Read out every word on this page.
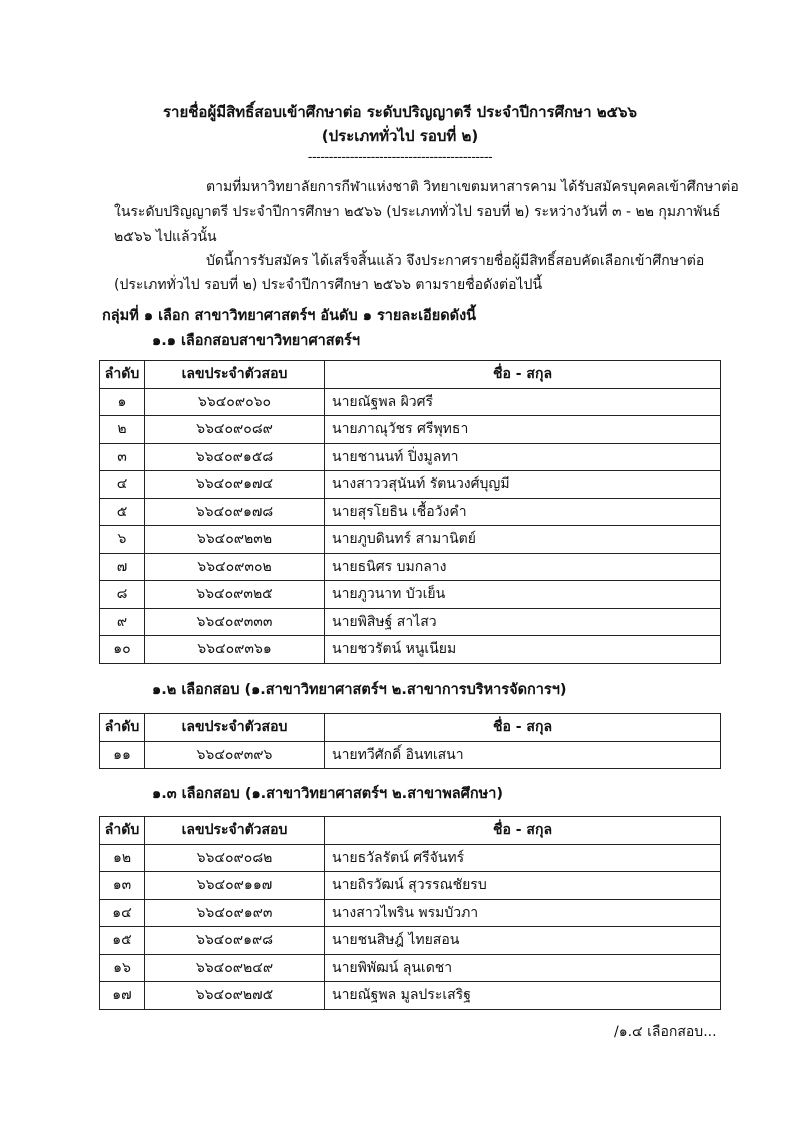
รายชื่อผู้มีสิทธิ์สอบเข้าศึกษาต่อ ระดับปริญญาตรี ประจำปีการศึกษา ๒๕๖๖
(ประเภททั่วไป รอบที่ ๒)
--------------------------------------------
ตามที่มหาวิทยาลัยการกีฬาแห่งชาติ วิทยาเขตมหาสารคาม ได้รับสมัครบุคคลเข้าศึกษาต่อ
ในระดับปริญญาตรี ประจำปีการศึกษา ๒๕๖๖ (ประเภททั่วไป รอบที่ ๒) ระหว่างวันที่ ๓ - ๒๒ กุมภาพันธ์
๒๕๖๖ ไปแล้วนั้น
บัดนี้การรับสมัคร ได้เสร็จสิ้นแล้ว จึงประกาศรายชื่อผู้มีสิทธิ์สอบคัดเลือกเข้าศึกษาต่อ
(ประเภททั่วไป รอบที่ ๒) ประจำปีการศึกษา ๒๕๖๖ ตามรายชื่อดังต่อไปนี้
กลุ่มที่ ๑ เลือก สาขาวิทยาศาสตร์ฯ อันดับ ๑ รายละเอียดดังนี้
๑.๑ เลือกสอบสาขาวิทยาศาสตร์ฯ
ลำดับ	เลขประจำตัวสอบ	ชื่อ - สกุล
๑	๖๖๔๐๙๐๖๐	นายณัฐพล ผิวศรี
๒	๖๖๔๐๙๐๘๙	นายภาณุวัชร ศรีพุทธา
๓	๖๖๔๐๙๑๕๘	นายชานนท์ ปิ่งมูลทา
๔	๖๖๔๐๙๑๗๔	นางสาววสุนันท์ รัตนวงศ์บุญมี
๕	๖๖๔๐๙๑๗๘	นายสุรโยธิน เชื้อวังคำ
๖	๖๖๔๐๙๒๓๒	นายภูบดินทร์ สามานิตย์
๗	๖๖๔๐๙๓๐๒	นายธนิศร บมกลาง
๘	๖๖๔๐๙๓๒๕	นายภูวนาท บัวเย็น
๙	๖๖๔๐๙๓๓๓	นายพิสิษฐ์ สาไสว
๑๐	๖๖๔๐๙๓๖๑	นายชวรัตน์ หนูเนียม
๑.๒ เลือกสอบ (๑.สาขาวิทยาศาสตร์ฯ ๒.สาขาการบริหารจัดการฯ)
ลำดับ	เลขประจำตัวสอบ	ชื่อ - สกุล
๑๑	๖๖๔๐๙๓๙๖	นายทวีศักดิ์ อินทเสนา
๑.๓ เลือกสอบ (๑.สาขาวิทยาศาสตร์ฯ ๒.สาขาพลศึกษา)
ลำดับ	เลขประจำตัวสอบ	ชื่อ - สกุล
๑๒	๖๖๔๐๙๐๘๒	นายธวัลรัตน์ ศรีจันทร์
๑๓	๖๖๔๐๙๑๑๗	นายถิรวัฒน์ สุวรรณชัยรบ
๑๔	๖๖๔๐๙๑๙๓	นางสาวไพริน พรมบัวภา
๑๕	๖๖๔๐๙๑๙๘	นายชนสิษฎ์ ไทยสอน
๑๖	๖๖๔๐๙๒๔๙	นายพิพัฒน์ ลุนเดชา
๑๗	๖๖๔๐๙๒๗๕	นายณัฐพล มูลประเสริฐ
/๑.๔ เลือกสอบ...
